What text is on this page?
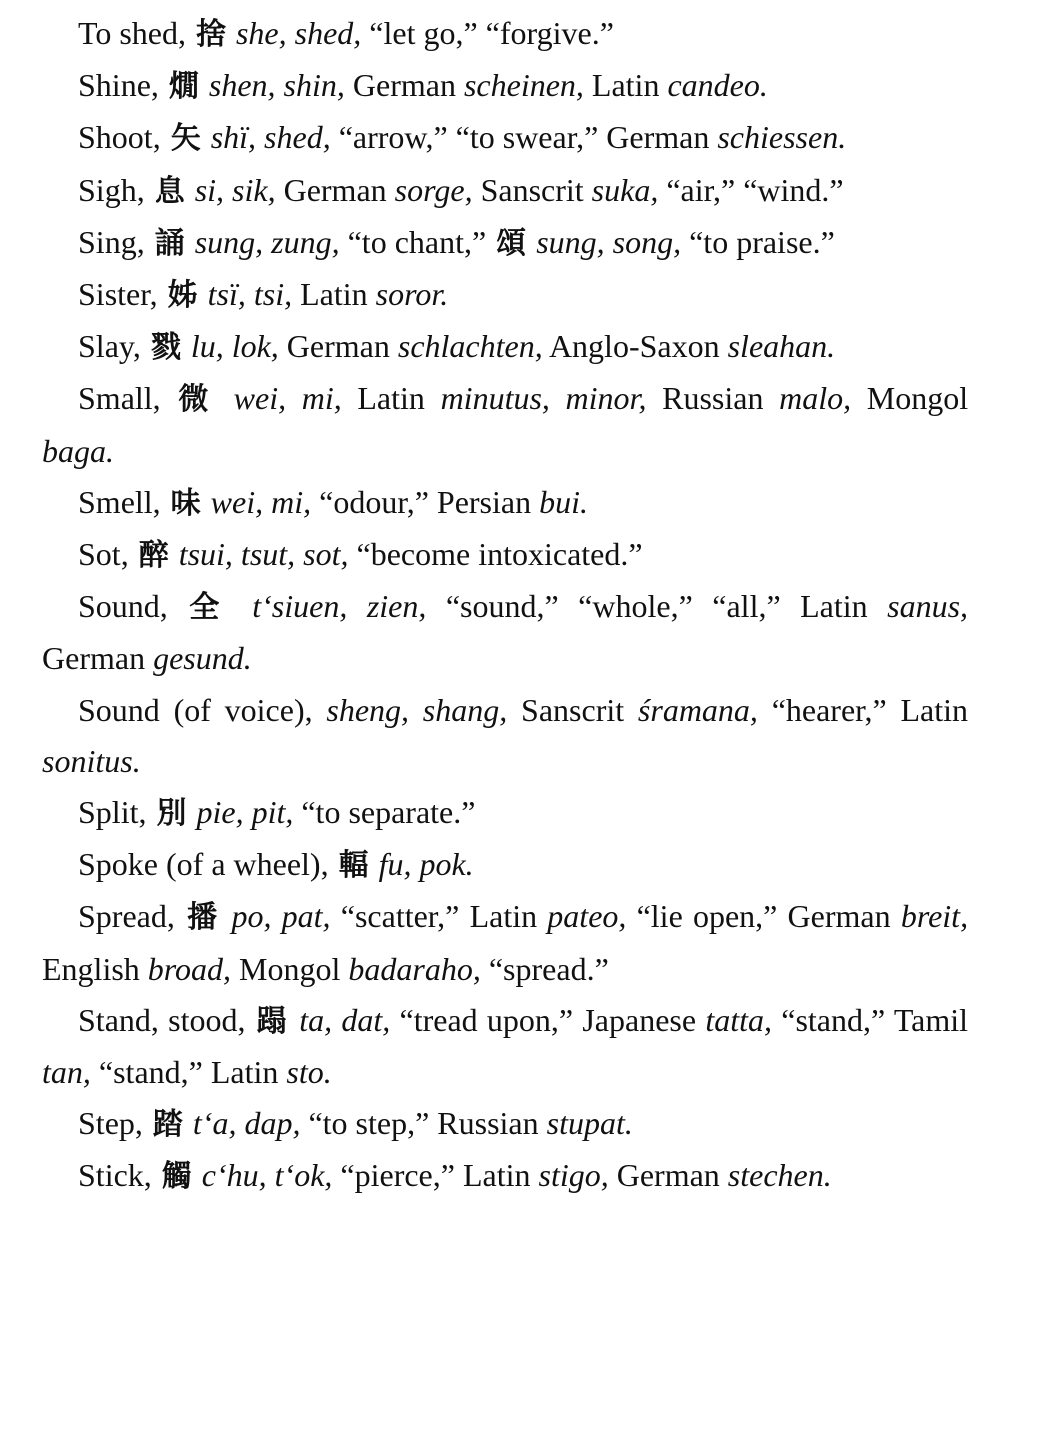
To shed, 捨 she, shed, “let go,” “forgive.”

Shine, 燗 shen, shin, German scheinen, Latin candeo.

Shoot, 矢 shï, shed, “arrow,” “to swear,” German schiessen.

Sigh, 息 si, sik, German sorge, Sanscrit suka, “air,” “wind.”

Sing, 誦 sung, zung, “to chant,” 頌 sung, song, “to praise.”

Sister, 姊 tsï, tsi, Latin soror.

Slay, 戮 lu, lok, German schlachten, Anglo-Saxon sleahan.

Small, 微 wei, mi, Latin minutus, minor, Russian malo, Mongol baga.

Smell, 味 wei, mi, “odour,” Persian bui.

Sot, 醉 tsui, tsut, sot, “become intoxicated.”

Sound, 全 t‘siuen, zien, “sound,” “whole,” “all,” Latin sanus, German gesund.

Sound (of voice), sheng, shang, Sanscrit śramana, “hearer,” Latin sonitus.

Split, 別 pie, pit, “to separate.”

Spoke (of a wheel), 輻 fu, pok.

Spread, 播 po, pat, “scatter,” Latin pateo, “lie open,” German breit, English broad, Mongol badaraho, “spread.”

Stand, stood, 蹋 ta, dat, “tread upon,” Japanese tatta, “stand,” Tamil tan, “stand,” Latin sto.

Step, 踏 t‘a, dap, “to step,” Russian stupat.

Stick, 觸 c‘hu, t‘ok, “pierce,” Latin stigo, German stechen.
